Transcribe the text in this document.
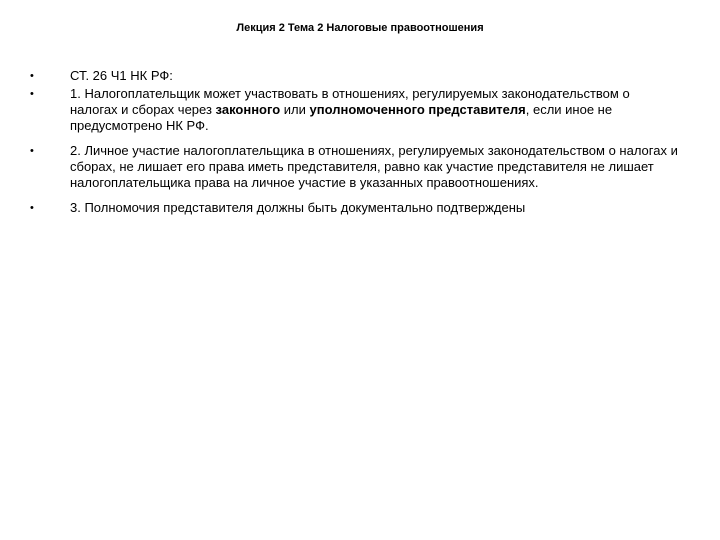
Лекция 2 Тема 2 Налоговые правоотношения
•	СТ. 26 Ч1 НК РФ:
•	1. Налогоплательщик может участвовать в отношениях, регулируемых законодательством о налогах и сборах через законного или уполномоченного представителя, если иное не предусмотрено НК РФ.
•	2. Личное участие налогоплательщика в отношениях, регулируемых законодательством о налогах и сборах, не лишает его права иметь представителя, равно как участие представителя не лишает налогоплательщика права на личное участие в указанных правоотношениях.
•	3. Полномочия представителя должны быть документально подтверждены
